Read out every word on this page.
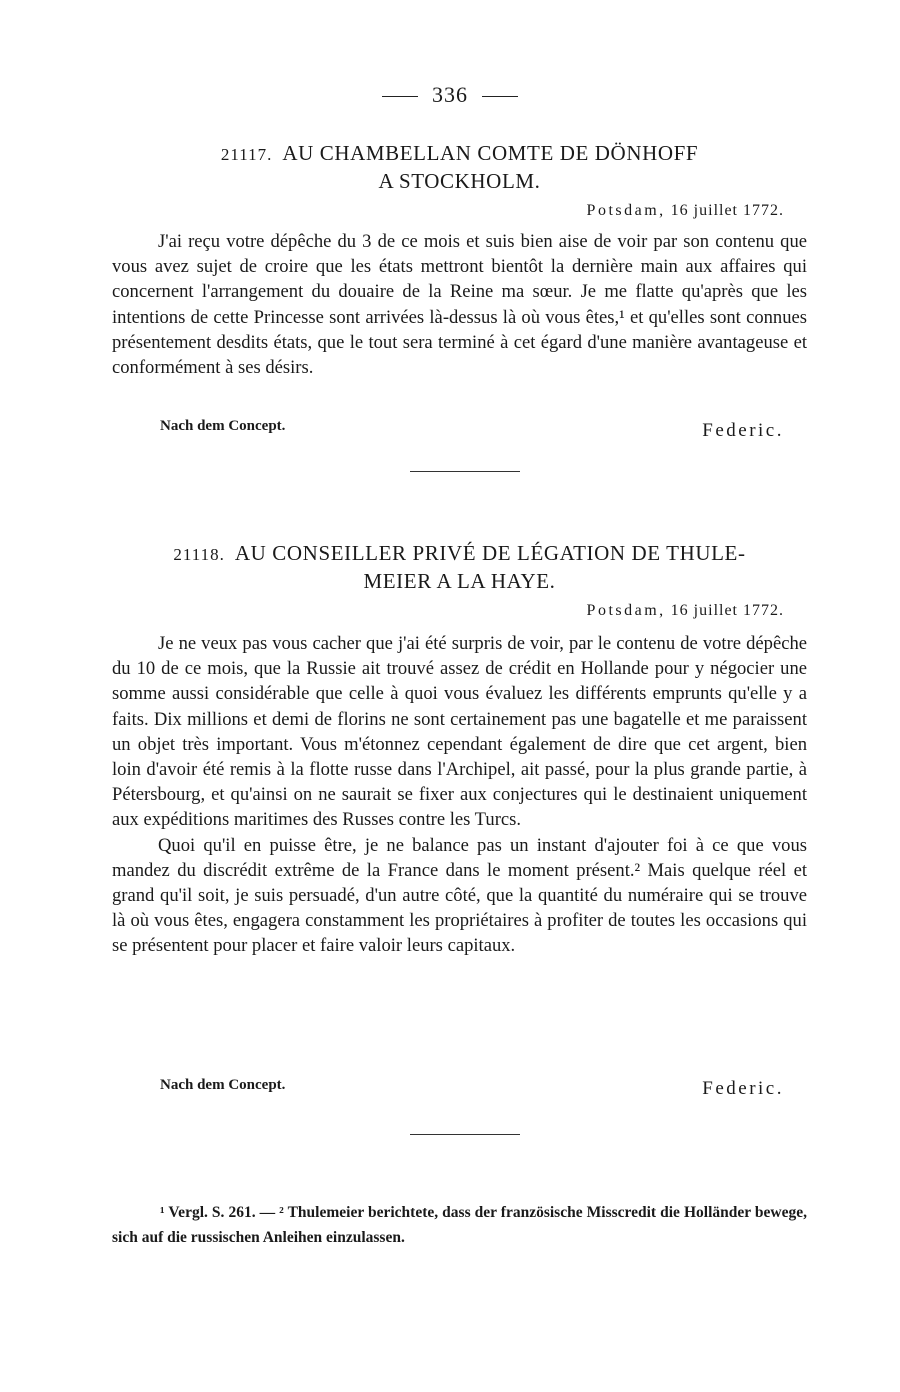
336
21117. AU CHAMBELLAN COMTE DE DÖNHOFF
A STOCKHOLM.
Potsdam, 16 juillet 1772.

J'ai reçu votre dépêche du 3 de ce mois et suis bien aise de voir par son contenu que vous avez sujet de croire que les états mettront bientôt la dernière main aux affaires qui concernent l'arrangement du douaire de la Reine ma sœur. Je me flatte qu'après que les intentions de cette Princesse sont arrivées là-dessus là où vous êtes,¹ et qu'elles sont connues présentement desdits états, que le tout sera terminé à cet égard d'une manière avantageuse et conformément à ses désirs.

Nach dem Concept.	Federic.
21118. AU CONSEILLER PRIVÉ DE LÉGATION DE THULE-
MEIER A LA HAYE.
Potsdam, 16 juillet 1772.

Je ne veux pas vous cacher que j'ai été surpris de voir, par le contenu de votre dépêche du 10 de ce mois, que la Russie ait trouvé assez de crédit en Hollande pour y négocier une somme aussi considérable que celle à quoi vous évaluez les différents emprunts qu'elle y a faits. Dix millions et demi de florins ne sont certainement pas une bagatelle et me paraissent un objet très important. Vous m'étonnez cependant également de dire que cet argent, bien loin d'avoir été remis à la flotte russe dans l'Archipel, ait passé, pour la plus grande partie, à Pétersbourg, et qu'ainsi on ne saurait se fixer aux conjectures qui le destinaient uniquement aux expéditions maritimes des Russes contre les Turcs.

Quoi qu'il en puisse être, je ne balance pas un instant d'ajouter foi à ce que vous mandez du discrédit extrême de la France dans le moment présent.² Mais quelque réel et grand qu'il soit, je suis persuadé, d'un autre côté, que la quantité du numéraire qui se trouve là où vous êtes, engagera constamment les propriétaires à profiter de toutes les occasions qui se présentent pour placer et faire valoir leurs capitaux.

Nach dem Concept.	Federic.

¹ Vergl. S. 261. — ² Thulemeier berichtete, dass der französische Misscredit die Holländer bewege, sich auf die russischen Anleihen einzulassen.
